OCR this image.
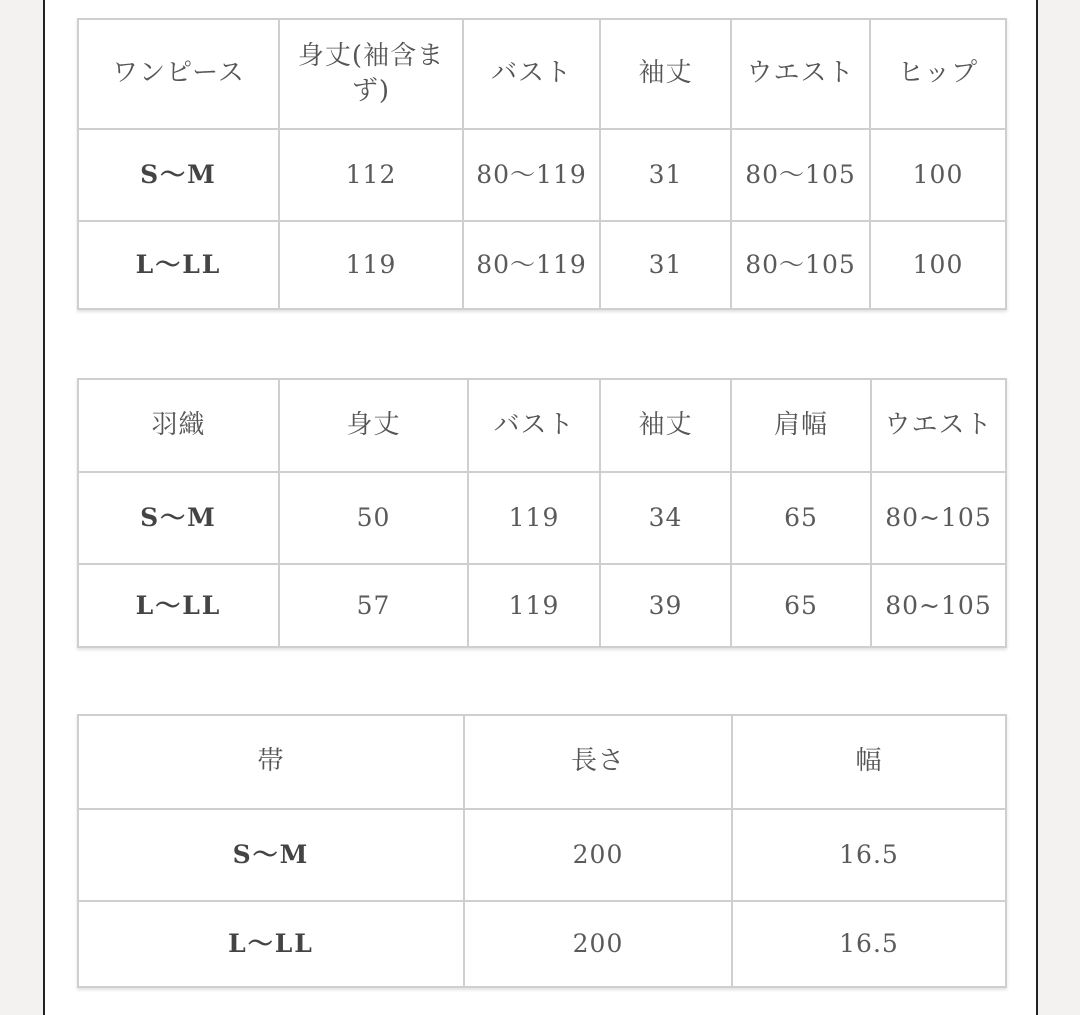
ワンピース	身丈(袖含まず)	バスト	袖丈	ウエスト	ヒップ
S〜M	112	80〜119	31	80〜105	100
L〜LL	119	80〜119	31	80〜105	100
羽織	身丈	バスト	袖丈	肩幅	ウエスト
S〜M	50	119	34	65	80~105
L〜LL	57	119	39	65	80~105
帯	長さ	幅
S〜M	200	16.5
L〜LL	200	16.5
